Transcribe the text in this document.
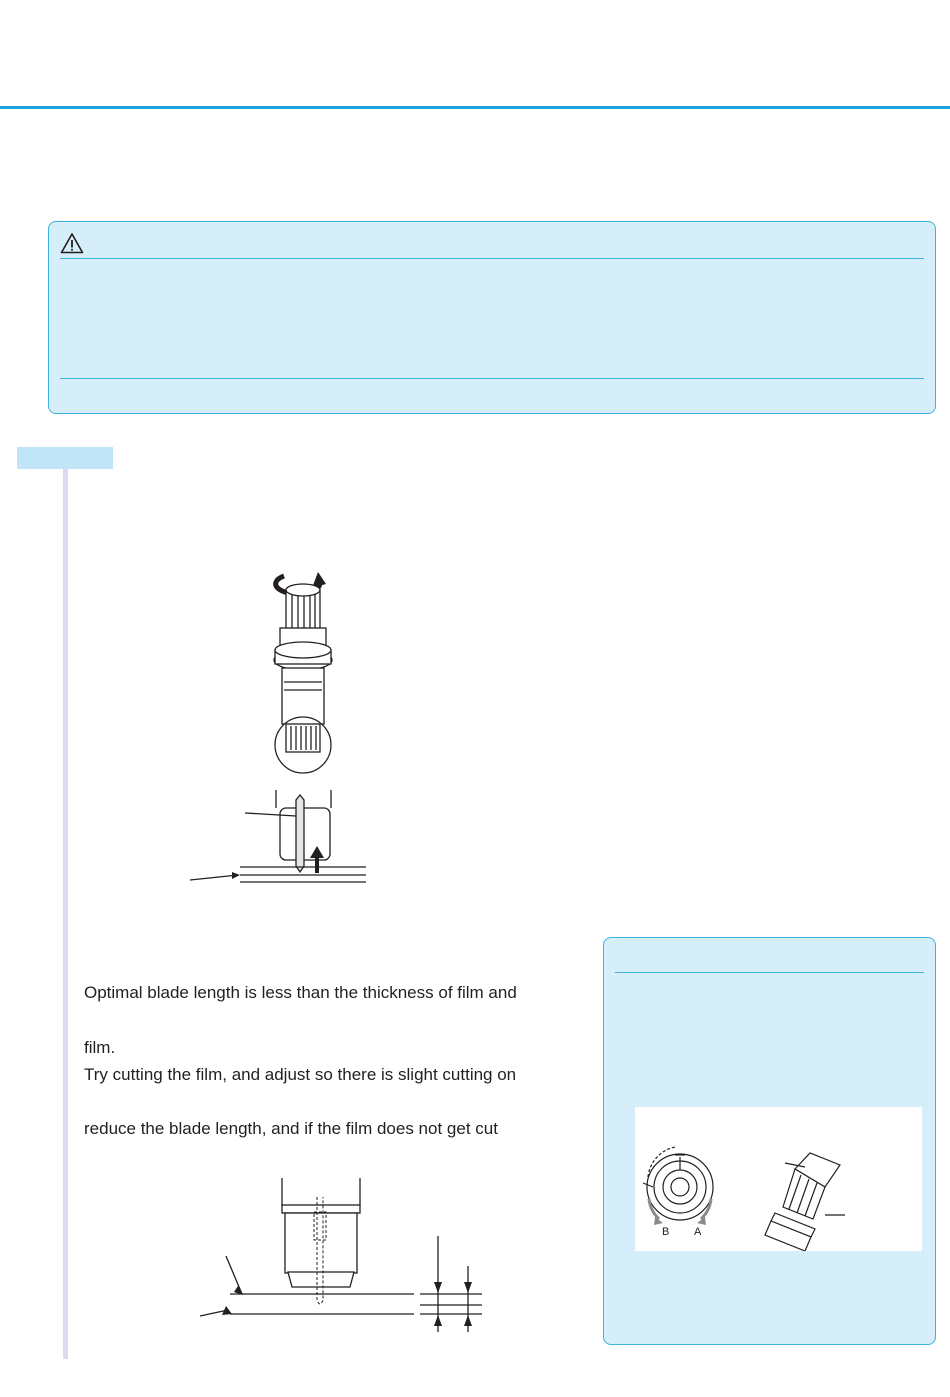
Optimal blade length is less than the thickness of film and
film.
Try cutting the film, and adjust so there is slight cutting on
reduce the blade length, and if the film does not get cut
B A
